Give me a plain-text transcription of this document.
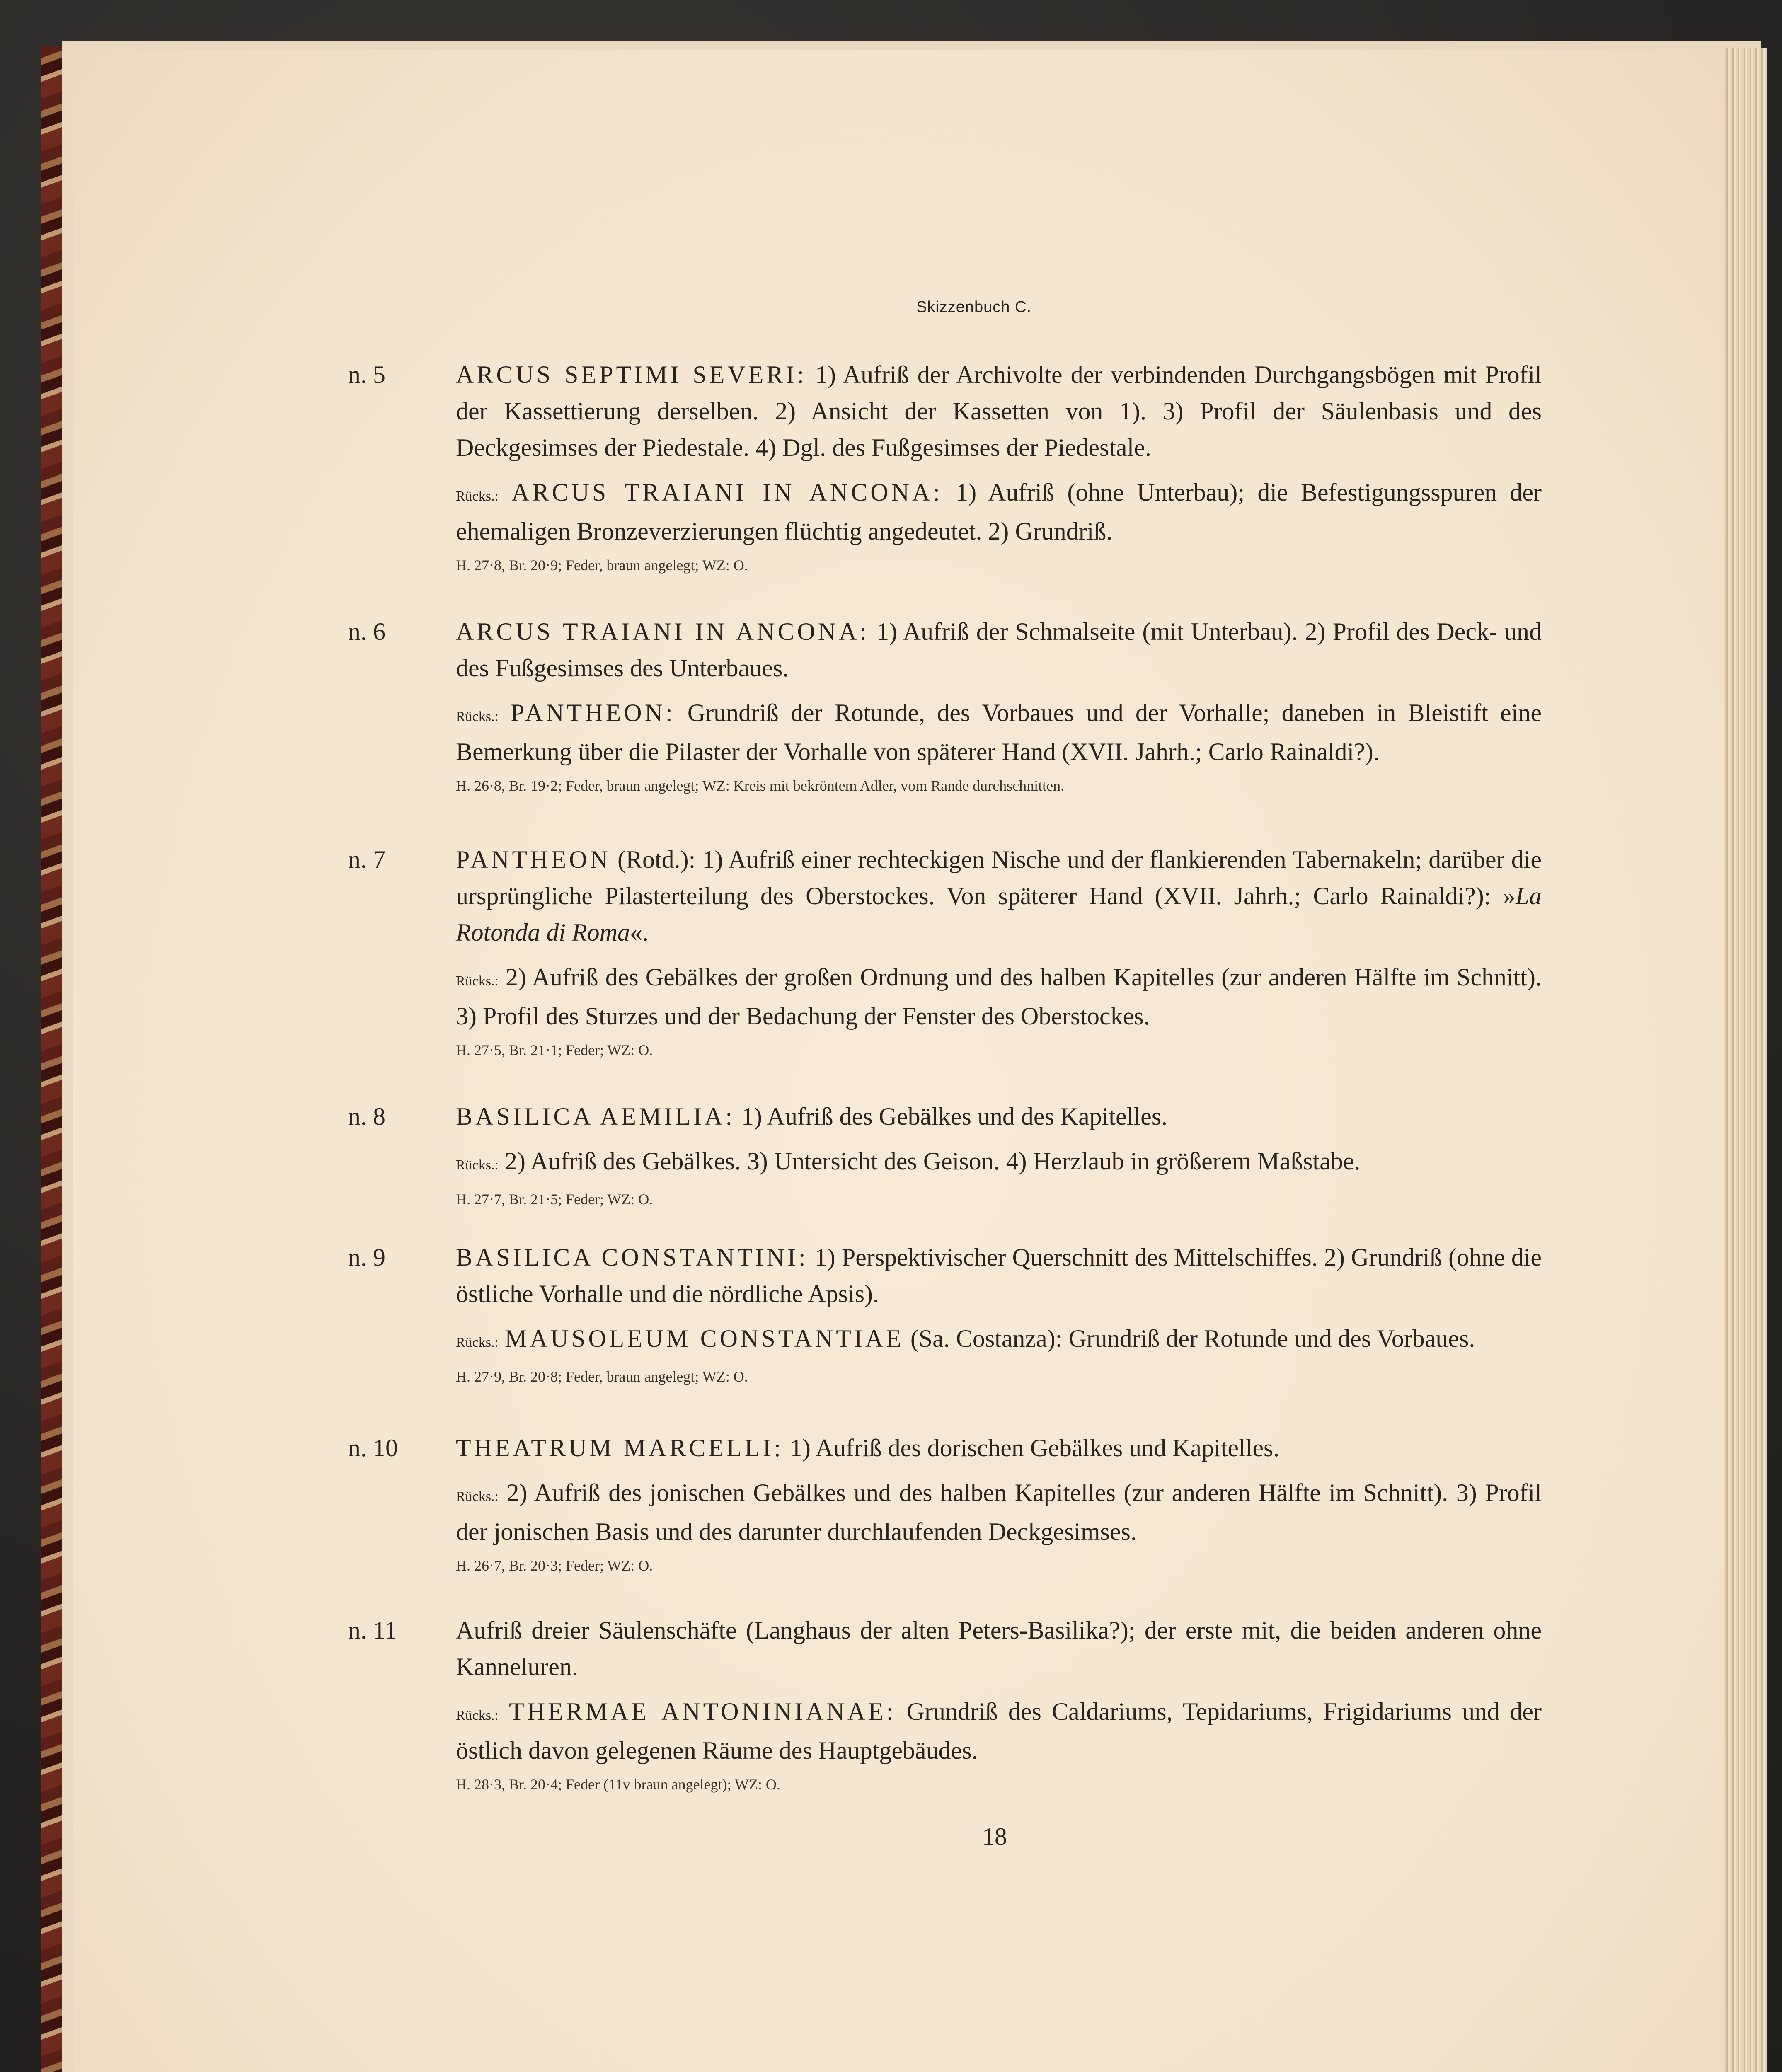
Skizzenbuch C.
n. 5	ARCUS SEPTIMI SEVERI: 1) Aufriß der Archivolte der verbindenden Durchgangsbögen mit Profil der Kassettierung derselben. 2) Ansicht der Kassetten von 1). 3) Profil der Säulenbasis und des Deckgesimses der Piedestale. 4) Dgl. des Fußgesimses der Piedestale.

Rücks.: ARCUS TRAIANI IN ANCONA: 1) Aufriß (ohne Unterbau); die Befestigungsspuren der ehemaligen Bronzeverzierungen flüchtig angedeutet. 2) Grundriß.

H. 27·8, Br. 20·9; Feder, braun angelegt; WZ: O.
n. 6	ARCUS TRAIANI IN ANCONA: 1) Aufriß der Schmalseite (mit Unterbau). 2) Profil des Deck- und des Fußgesimses des Unterbaues.

Rücks.: PANTHEON: Grundriß der Rotunde, des Vorbaues und der Vorhalle; daneben in Bleistift eine Bemerkung über die Pilaster der Vorhalle von späterer Hand (XVII. Jahrh.; Carlo Rainaldi?).

H. 26·8, Br. 19·2; Feder, braun angelegt; WZ: Kreis mit bekröntem Adler, vom Rande durchschnitten.
n. 7	PANTHEON (Rotd.): 1) Aufriß einer rechteckigen Nische und der flankierenden Tabernakeln; darüber die ursprüngliche Pilasterteilung des Oberstockes. Von späterer Hand (XVII. Jahrh.; Carlo Rainaldi?): »La Rotonda di Roma«.

Rücks.: 2) Aufriß des Gebälkes der großen Ordnung und des halben Kapitelles (zur anderen Hälfte im Schnitt). 3) Profil des Sturzes und der Bedachung der Fenster des Oberstockes.

H. 27·5, Br. 21·1; Feder; WZ: O.
n. 8	BASILICA AEMILIA: 1) Aufriß des Gebälkes und des Kapitelles.

Rücks.: 2) Aufriß des Gebälkes. 3) Untersicht des Geison. 4) Herzlaub in größerem Maßstabe.

H. 27·7, Br. 21·5; Feder; WZ: O.
n. 9	BASILICA CONSTANTINI: 1) Perspektivischer Querschnitt des Mittelschiffes. 2) Grundriß (ohne die östliche Vorhalle und die nördliche Apsis).

Rücks.: MAUSOLEUM CONSTANTIAE (Sa. Costanza): Grundriß der Rotunde und des Vorbaues.

H. 27·9, Br. 20·8; Feder, braun angelegt; WZ: O.
n. 10	THEATRUM MARCELLI: 1) Aufriß des dorischen Gebälkes und Kapitelles.

Rücks.: 2) Aufriß des jonischen Gebälkes und des halben Kapitelles (zur anderen Hälfte im Schnitt). 3) Profil der jonischen Basis und des darunter durchlaufenden Deckgesimses.

H. 26·7, Br. 20·3; Feder; WZ: O.
n. 11	Aufriß dreier Säulenschäfte (Langhaus der alten Peters-Basilika?); der erste mit, die beiden anderen ohne Kanneluren.

Rücks.: THERMAE ANTONINIANAE: Grundriß des Caldariums, Tepidariums, Frigidariums und der östlich davon gelegenen Räume des Hauptgebäudes.

H. 28·3, Br. 20·4; Feder (11v braun angelegt); WZ: O.
18
